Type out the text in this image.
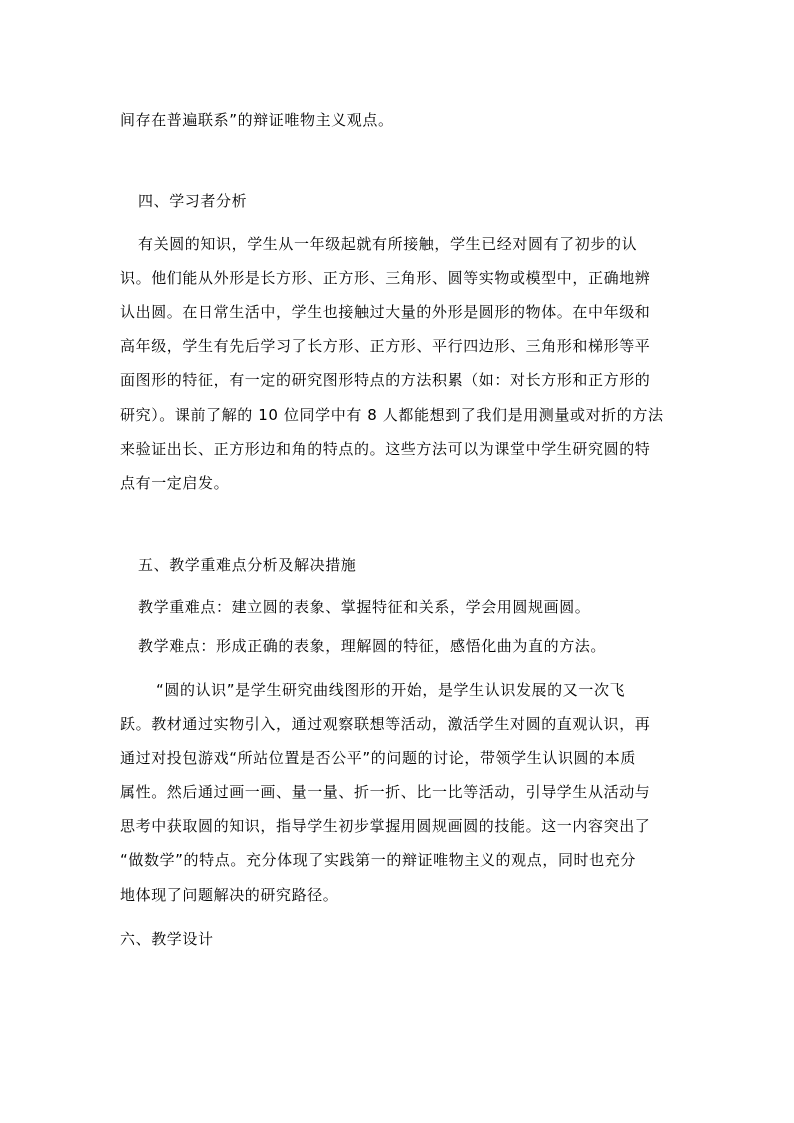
间存在普遍联系”的辩证唯物主义观点。
四、学习者分析
有关圆的知识，学生从一年级起就有所接触，学生已经对圆有了初步的认
识。他们能从外形是长方形、正方形、三角形、圆等实物或模型中，正确地辨
认出圆。在日常生活中，学生也接触过大量的外形是圆形的物体。在中年级和
高年级，学生有先后学习了长方形、正方形、平行四边形、三角形和梯形等平
面图形的特征，有一定的研究图形特点的方法积累（如：对长方形和正方形的
研究）。课前了解的 10 位同学中有 8 人都能想到了我们是用测量或对折的方法
来验证出长、正方形边和角的特点的。这些方法可以为课堂中学生研究圆的特
点有一定启发。
五、教学重难点分析及解决措施
教学重难点：建立圆的表象、掌握特征和关系，学会用圆规画圆。
教学难点：形成正确的表象，理解圆的特征，感悟化曲为直的方法。
“圆的认识”是学生研究曲线图形的开始，是学生认识发展的又一次飞
跃。教材通过实物引入，通过观察联想等活动，激活学生对圆的直观认识，再
通过对投包游戏“所站位置是否公平”的问题的讨论，带领学生认识圆的本质
属性。然后通过画一画、量一量、折一折、比一比等活动，引导学生从活动与
思考中获取圆的知识，指导学生初步掌握用圆规画圆的技能。这一内容突出了
“做数学”的特点。充分体现了实践第一的辩证唯物主义的观点，同时也充分
地体现了问题解决的研究路径。
六、教学设计
